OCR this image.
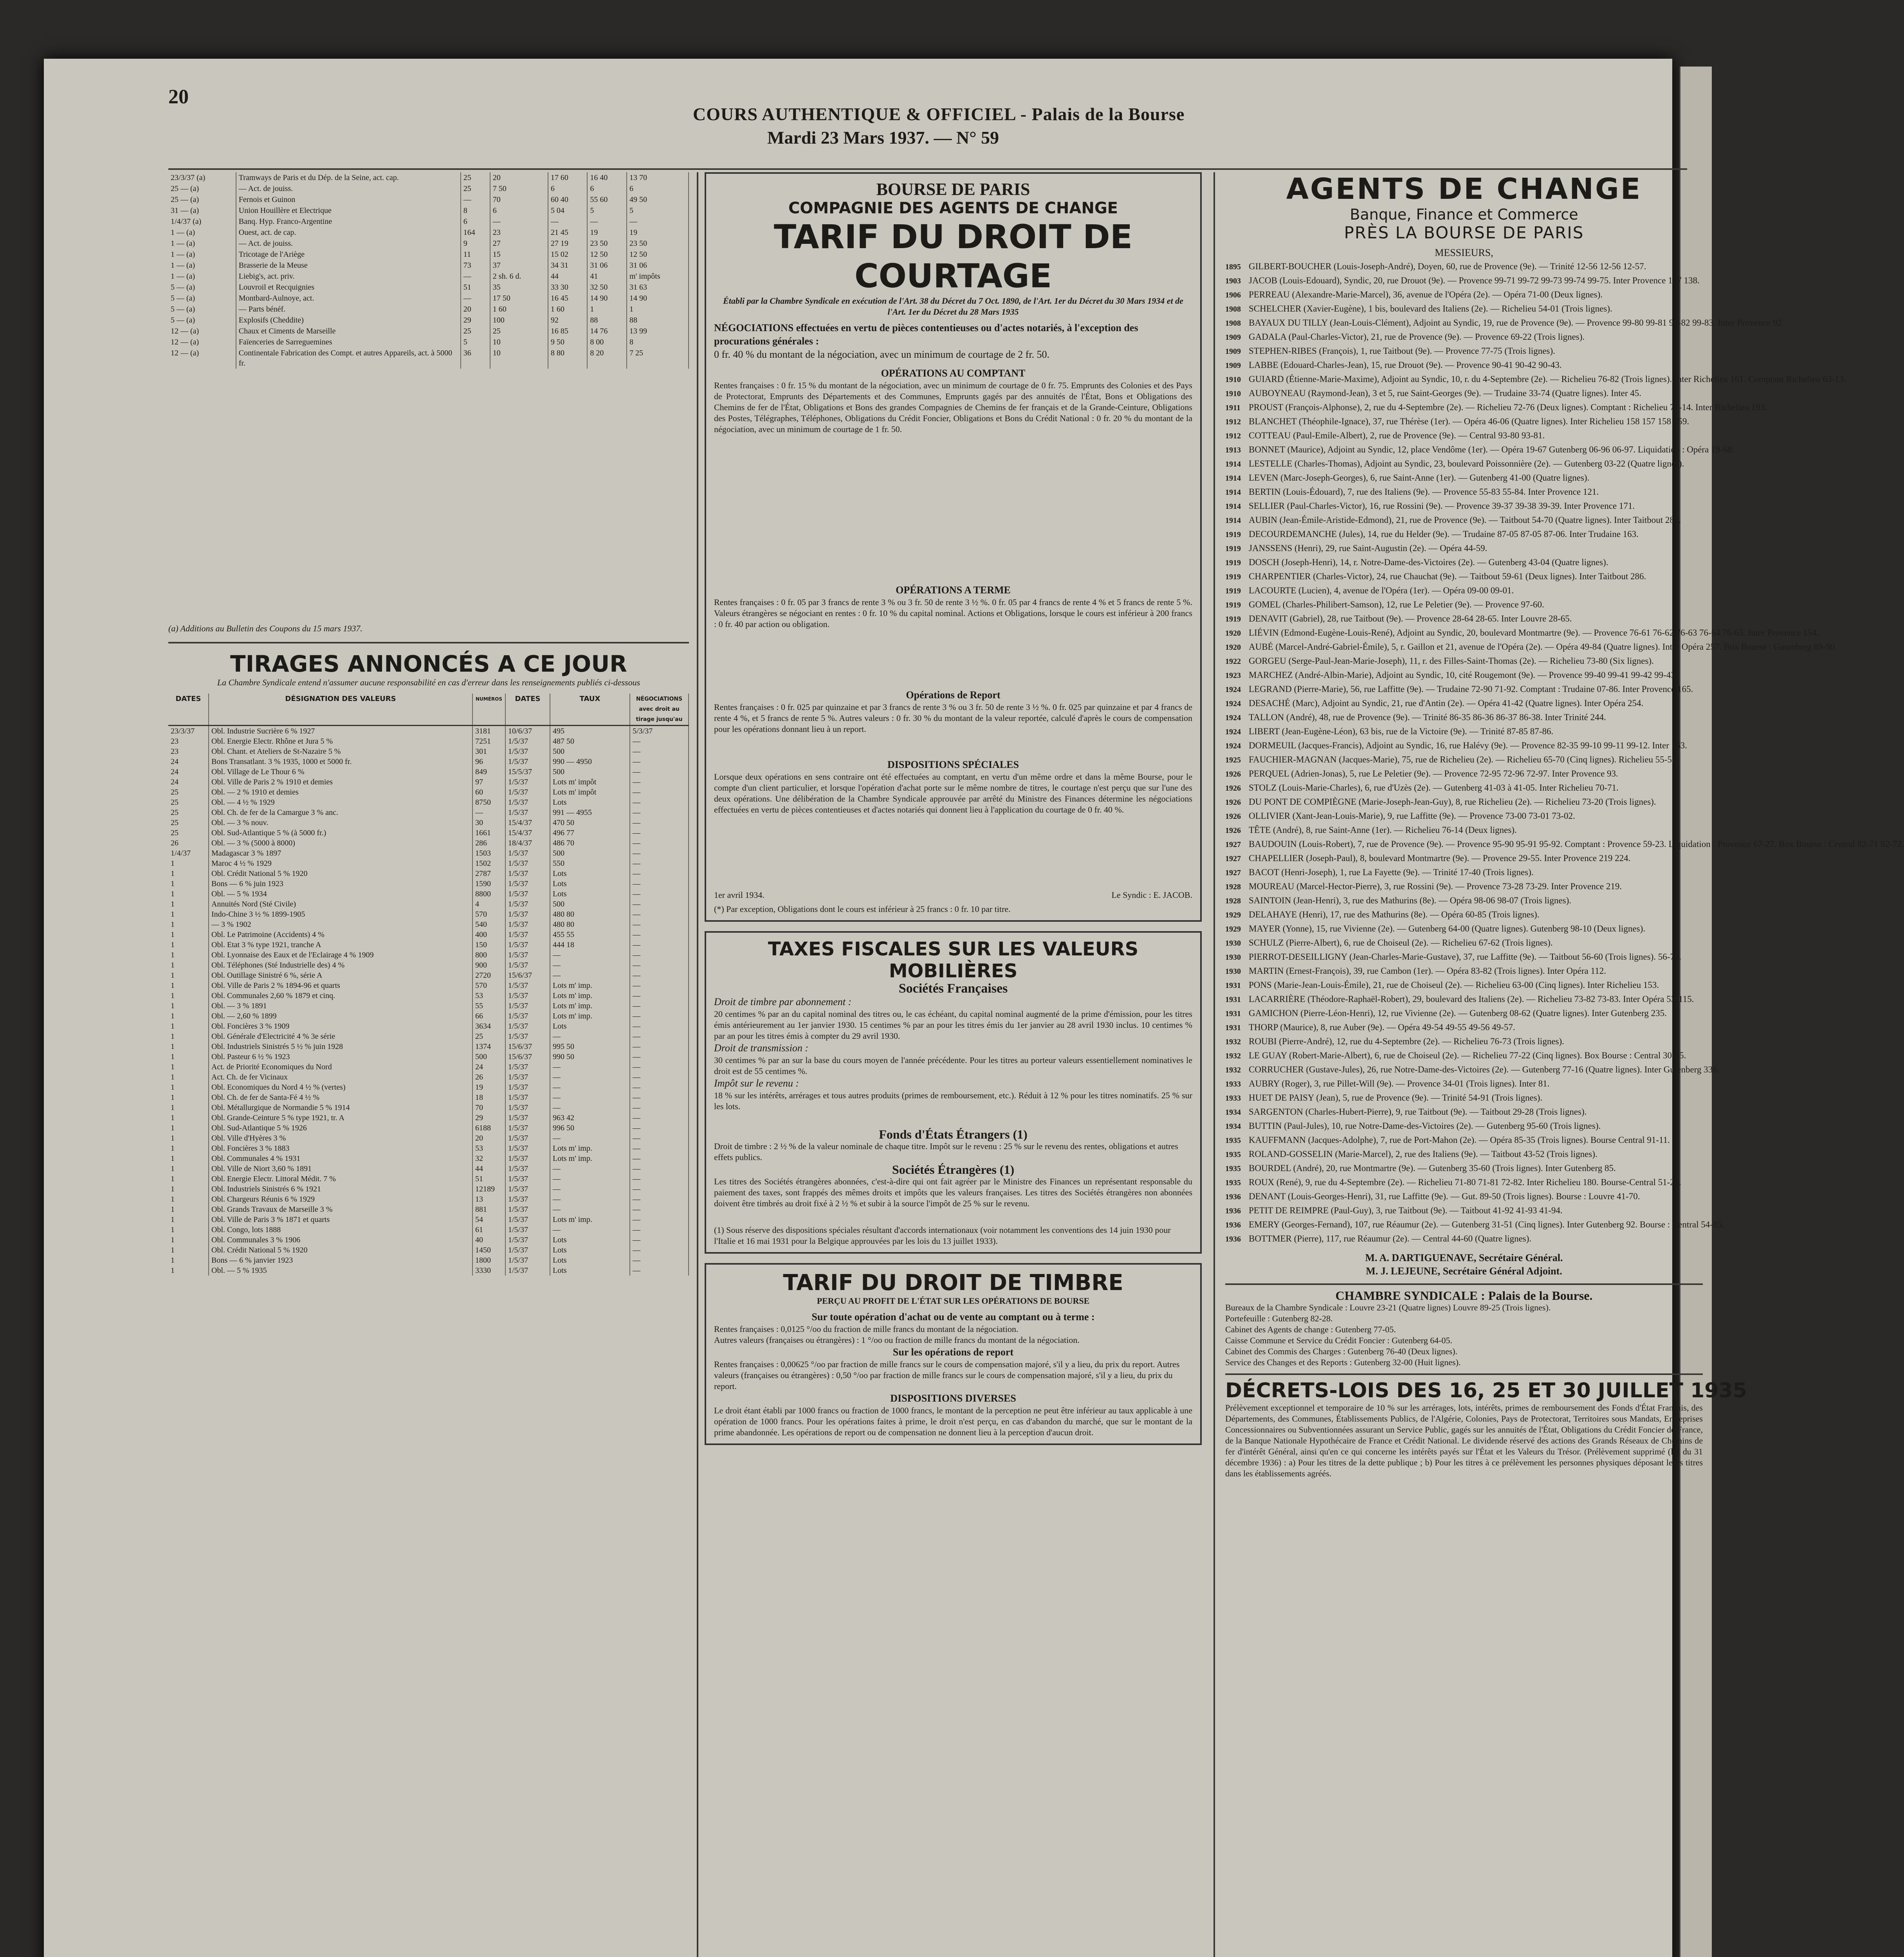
20
COURS AUTHENTIQUE & OFFICIEL - Palais de la Bourse
Mardi 23 Mars 1937. — N° 59
23/3/37 (a)	Tramways de Paris et du Dép. de la Seine, act. cap.	25	20	17 60	16 40	13 70
25 — (a)	— Act. de jouiss.	25	7 50	6	6	6
25 — (a)	Fernois et Guinon	—	70	60 40	55 60	49 50
31 — (a)	Union Houillère et Electrique	8	6	5 04	5	5
1/4/37 (a)	Banq. Hyp. Franco-Argentine	6	—	—	—	—
1 — (a)	Ouest, act. de cap.	164	23	21 45	19	19
1 — (a)	— Act. de jouiss.	9	27	27 19	23 50	23 50
1 — (a)	Tricotage de l'Ariège	11	15	15 02	12 50	12 50
1 — (a)	Brasserie de la Meuse	73	37	34 31	31 06	31 06
1 — (a)	Liebig's, act. priv.	—	2 sh. 6 d.	44	41	m' impôts
5 — (a)	Louvroil et Recquignies	51	35	33 30	32 50	31 63
5 — (a)	Montbard-Aulnoye, act.	—	17 50	16 45	14 90	14 90
5 — (a)	— Parts bénéf.	20	1 60	1 60	1	1
5 — (a)	Explosifs (Cheddite)	29	100	92	88	88
12 — (a)	Chaux et Ciments de Marseille	25	25	16 85	14 76	13 99
12 — (a)	Faïenceries de Sarreguemines	5	10	9 50	8 00	8
12 — (a)	Continentale Fabrication des Compt. et autres Appareils, act. à 5000 fr.	36	10	8 80	8 20	7 25
(a) Additions au Bulletin des Coupons du 15 mars 1937.
TIRAGES ANNONCÉS A CE JOUR
La Chambre Syndicale entend n'assumer aucune responsabilité en cas d'erreur dans les renseignements publiés ci-dessous
DATES	DÉSIGNATION DES VALEURS	NUMÉROS	DATES	TAUX	NÉGOCIATIONS avec droit au tirage jusqu'au
23/3/37	Obl. Industrie Sucrière 6 % 1927	3181	10/6/37	495	5/3/37
23	Obl. Energie Electr. Rhône et Jura 5 %	7251	1/5/37	487 50	—
23	Obl. Chant. et Ateliers de St-Nazaire 5 %	301	1/5/37	500	—
24	Bons Transatlant. 3 % 1935, 1000 et 5000 fr.	96	1/5/37	990 — 4950	—
24	Obl. Village de Le Thour 6 %	849	15/5/37	500	—
24	Obl. Ville de Paris 2 % 1910 et demies	97	1/5/37	Lots m' impôt	—
25	Obl. — 2 % 1910 et demies	60	1/5/37	Lots m' impôt	—
25	Obl. — 4 ½ % 1929	8750	1/5/37	Lots	—
25	Obl. Ch. de fer de la Camargue 3 % anc.	—	1/5/37	991 — 4955	—
25	Obl. — 3 % nouv.	30	15/4/37	470 50	—
25	Obl. Sud-Atlantique 5 % (à 5000 fr.)	1661	15/4/37	496 77	—
26	Obl. — 3 % (5000 à 8000)	286	18/4/37	486 70	—
1/4/37	Madagascar 3 % 1897	1503	1/5/37	500	—
1	Maroc 4 ½ % 1929	1502	1/5/37	550	—
1	Obl. Crédit National 5 % 1920	2787	1/5/37	Lots	—
1	Bons — 6 % juin 1923	1590	1/5/37	Lots	—
1	Obl. — 5 % 1934	8800	1/5/37	Lots	—
1	Annuités Nord (Sté Civile)	4	1/5/37	500	—
1	Indo-Chine 3 ½ % 1899-1905	570	1/5/37	480 80	—
1	— 3 % 1902	540	1/5/37	480 80	—
1	Obl. Le Patrimoine (Accidents) 4 %	400	1/5/37	455 55	—
1	Obl. Etat 3 % type 1921, tranche A	150	1/5/37	444 18	—
1	Obl. Lyonnaise des Eaux et de l'Eclairage 4 % 1909	800	1/5/37	—	—
1	Obl. Téléphones (Sté Industrielle des) 4 %	900	1/5/37	—	—
1	Obl. Outillage Sinistré 6 %, série A	2720	15/6/37	—	—
1	Obl. Ville de Paris 2 % 1894-96 et quarts	570	1/5/37	Lots m' imp.	—
1	Obl. Communales 2,60 % 1879 et cinq.	53	1/5/37	Lots m' imp.	—
1	Obl. — 3 % 1891	55	1/5/37	Lots m' imp.	—
1	Obl. — 2,60 % 1899	66	1/5/37	Lots m' imp.	—
1	Obl. Foncières 3 % 1909	3634	1/5/37	Lots	—
1	Obl. Générale d'Electricité 4 % 3e série	25	1/5/37	—	—
1	Obl. Industriels Sinistrés 5 ½ % juin 1928	1374	15/6/37	995 50	—
1	Obl. Pasteur 6 ½ % 1923	500	15/6/37	990 50	—
1	Act. de Priorité Economiques du Nord	24	1/5/37	—	—
1	Act. Ch. de fer Vicinaux	26	1/5/37	—	—
1	Obl. Economiques du Nord 4 ½ % (vertes)	19	1/5/37	—	—
1	Obl. Ch. de fer de Santa-Fé 4 ½ %	18	1/5/37	—	—
1	Obl. Métallurgique de Normandie 5 % 1914	70	1/5/37	—	—
1	Obl. Grande-Ceinture 5 % type 1921, tr. A	29	1/5/37	963 42	—
1	Obl. Sud-Atlantique 5 % 1926	6188	1/5/37	996 50	—
1	Obl. Ville d'Hyères 3 %	20	1/5/37	—	—
1	Obl. Foncières 3 % 1883	53	1/5/37	Lots m' imp.	—
1	Obl. Communales 4 % 1931	32	1/5/37	Lots m' imp.	—
1	Obl. Ville de Niort 3,60 % 1891	44	1/5/37	—	—
1	Obl. Energie Electr. Littoral Médit. 7 %	51	1/5/37	—	—
1	Obl. Industriels Sinistrés 6 % 1921	12189	1/5/37	—	—
1	Obl. Chargeurs Réunis 6 % 1929	13	1/5/37	—	—
1	Obl. Grands Travaux de Marseille 3 %	881	1/5/37	—	—
1	Obl. Ville de Paris 3 % 1871 et quarts	54	1/5/37	Lots m' imp.	—
1	Obl. Congo, lots 1888	61	1/5/37	—	—
1	Obl. Communales 3 % 1906	40	1/5/37	Lots	—
1	Obl. Crédit National 5 % 1920	1450	1/5/37	Lots	—
1	Bons — 6 % janvier 1923	1800	1/5/37	Lots	—
1	Obl. — 5 % 1935	3330	1/5/37	Lots	—
BOURSE DE PARIS
COMPAGNIE DES AGENTS DE CHANGE
TARIF DU DROIT DE COURTAGE
Établi par la Chambre Syndicale en exécution de l'Art. 38 du Décret du 7 Oct. 1890, de l'Art. 1er du Décret du 30 Mars 1934 et de l'Art. 1er du Décret du 28 Mars 1935
NÉGOCIATIONS effectuées en vertu de pièces contentieuses ou d'actes notariés, à l'exception des procurations générales :
0 fr. 40 % du montant de la négociation, avec un minimum de courtage de 2 fr. 50.
OPÉRATIONS AU COMPTANT
Rentes françaises : 0 fr. 15 % du montant de la négociation, avec un minimum de courtage de 0 fr. 75. Emprunts des Colonies et des Pays de Protectorat, Emprunts des Départements et des Communes, Emprunts gagés par des annuités de l'État, Bons et Obligations des Chemins de fer de l'État, Obligations et Bons des grandes Compagnies de Chemins de fer français et de la Grande-Ceinture, Obligations des Postes, Télégraphes, Téléphones, Obligations du Crédit Foncier, Obligations et Bons du Crédit National : 0 fr. 20 % du montant de la négociation, avec un minimum de courtage de 1 fr. 50.
OPÉRATIONS A TERME
Rentes françaises : 0 fr. 05 par 3 francs de rente 3 % ou 3 fr. 50 de rente 3 ½ %. 0 fr. 05 par 4 francs de rente 4 % et 5 francs de rente 5 %. Valeurs étrangères se négociant en rentes : 0 fr. 10 % du capital nominal. Actions et Obligations, lorsque le cours est inférieur à 200 francs : 0 fr. 40 par action ou obligation.
Opérations de Report
Rentes françaises : 0 fr. 025 par quinzaine et par 3 francs de rente 3 % ou 3 fr. 50 de rente 3 ½ %. 0 fr. 025 par quinzaine et par 4 francs de rente 4 %, et 5 francs de rente 5 %. Autres valeurs : 0 fr. 30 % du montant de la valeur reportée, calculé d'après le cours de compensation pour les opérations donnant lieu à un report.
DISPOSITIONS SPÉCIALES
Lorsque deux opérations en sens contraire ont été effectuées au comptant, en vertu d'un même ordre et dans la même Bourse, pour le compte d'un client particulier, et lorsque l'opération d'achat porte sur le même nombre de titres, le courtage n'est perçu que sur l'une des deux opérations. Une délibération de la Chambre Syndicale approuvée par arrêté du Ministre des Finances détermine les négociations effectuées en vertu de pièces contentieuses et d'actes notariés qui donnent lieu à l'application du courtage de 0 fr. 40 %.
1er avril 1934.	Le Syndic : E. JACOB.
(*) Par exception, Obligations dont le cours est inférieur à 25 francs : 0 fr. 10 par titre.
TAXES FISCALES SUR LES VALEURS MOBILIÈRES
Sociétés Françaises
Droit de timbre par abonnement :
20 centimes % par an du capital nominal des titres ou, le cas échéant, du capital nominal augmenté de la prime d'émission, pour les titres émis antérieurement au 1er janvier 1930. 15 centimes % par an pour les titres émis du 1er janvier au 28 avril 1930 inclus. 10 centimes % par an pour les titres émis à compter du 29 avril 1930.
Droit de transmission :
30 centimes % par an sur la base du cours moyen de l'année précédente. Pour les titres au porteur valeurs essentiellement nominatives le droit est de 55 centimes %.
Impôt sur le revenu :
18 % sur les intérêts, arrérages et tous autres produits (primes de remboursement, etc.). Réduit à 12 % pour les titres nominatifs. 25 % sur les lots.
Fonds d'États Étrangers (1)
Droit de timbre : 2 ½ % de la valeur nominale de chaque titre. Impôt sur le revenu : 25 % sur le revenu des rentes, obligations et autres effets publics.
Sociétés Étrangères (1)
Les titres des Sociétés étrangères abonnées, c'est-à-dire qui ont fait agréer par le Ministre des Finances un représentant responsable du paiement des taxes, sont frappés des mêmes droits et impôts que les valeurs françaises. Les titres des Sociétés étrangères non abonnées doivent être timbrés au droit fixé à 2 ½ % et subir à la source l'impôt de 25 % sur le revenu.
(1) Sous réserve des dispositions spéciales résultant d'accords internationaux (voir notamment les conventions des 14 juin 1930 pour l'Italie et 16 mai 1931 pour la Belgique approuvées par les lois du 13 juillet 1933).
TARIF DU DROIT DE TIMBRE
PERÇU AU PROFIT DE L'ÉTAT SUR LES OPÉRATIONS DE BOURSE
Sur toute opération d'achat ou de vente au comptant ou à terme :
Rentes françaises : 0,0125 °/oo du fraction de mille francs du montant de la négociation.
Autres valeurs (françaises ou étrangères) : 1 °/oo ou fraction de mille francs du montant de la négociation.
Sur les opérations de report
Rentes françaises : 0,00625 °/oo par fraction de mille francs sur le cours de compensation majoré, s'il y a lieu, du prix du report. Autres valeurs (françaises ou étrangères) : 0,50 °/oo par fraction de mille francs sur le cours de compensation majoré, s'il y a lieu, du prix du report.
DISPOSITIONS DIVERSES
Le droit étant établi par 1000 francs ou fraction de 1000 francs, le montant de la perception ne peut être inférieur au taux applicable à une opération de 1000 francs. Pour les opérations faites à prime, le droit n'est perçu, en cas d'abandon du marché, que sur le montant de la prime abandonnée. Les opérations de report ou de compensation ne donnent lieu à la perception d'aucun droit.
AGENTS DE CHANGE
Banque, Finance et Commerce
PRÈS LA BOURSE DE PARIS
MESSIEURS,
1895 GILBERT-BOUCHER (Louis-Joseph-André), Doyen, 60, rue de Provence (9e). — Trinité 12-56 12-56 12-57.
1903 JACOB (Louis-Edouard), Syndic, 20, rue Drouot (9e). — Provence 99-71 99-72 99-73 99-74 99-75. Inter Provence 137 138.
1906 PERREAU (Alexandre-Marie-Marcel), 36, avenue de l'Opéra (2e). — Opéra 71-00 (Deux lignes).
1908 SCHELCHER (Xavier-Eugène), 1 bis, boulevard des Italiens (2e). — Richelieu 54-01 (Trois lignes).
1908 BAYAUX DU TILLY (Jean-Louis-Clément), Adjoint au Syndic, 19, rue de Provence (9e). — Provence 99-80 99-81 99-82 99-83. Inter Provence 92.
1909 GADALA (Paul-Charles-Victor), 21, rue de Provence (9e). — Provence 69-22 (Trois lignes).
1909 STEPHEN-RIBES (François), 1, rue Taitbout (9e). — Provence 77-75 (Trois lignes).
1909 LABBE (Edouard-Charles-Jean), 15, rue Drouot (9e). — Provence 90-41 90-42 90-43.
1910 GUIARD (Étienne-Marie-Maxime), Adjoint au Syndic, 10, r. du 4-Septembre (2e). — Richelieu 76-82 (Trois lignes). Inter Richelieu 161. Comptant Richelieu 63-13.
1910 AUBOYNEAU (Raymond-Jean), 3 et 5, rue Saint-Georges (9e). — Trudaine 33-74 (Quatre lignes). Inter 45.
1911 PROUST (François-Alphonse), 2, rue du 4-Septembre (2e). — Richelieu 72-76 (Deux lignes). Comptant : Richelieu 71-14. Inter Richelieu 193.
1912 BLANCHET (Théophile-Ignace), 37, rue Thérèse (1er). — Opéra 46-06 (Quatre lignes). Inter Richelieu 158 157 158 159.
1912 COTTEAU (Paul-Emile-Albert), 2, rue de Provence (9e). — Central 93-80 93-81.
1913 BONNET (Maurice), Adjoint au Syndic, 12, place Vendôme (1er). — Opéra 19-67 Gutenberg 06-96 06-97. Liquidation : Opéra 19-68.
1914 LESTELLE (Charles-Thomas), Adjoint au Syndic, 23, boulevard Poissonnière (2e). — Gutenberg 03-22 (Quatre lignes).
1914 LEVEN (Marc-Joseph-Georges), 6, rue Saint-Anne (1er). — Gutenberg 41-00 (Quatre lignes).
1914 BERTIN (Louis-Édouard), 7, rue des Italiens (9e). — Provence 55-83 55-84. Inter Provence 121.
1914 SELLIER (Paul-Charles-Victor), 16, rue Rossini (9e). — Provence 39-37 39-38 39-39. Inter Provence 171.
1914 AUBIN (Jean-Émile-Aristide-Edmond), 21, rue de Provence (9e). — Taitbout 54-70 (Quatre lignes). Inter Taitbout 289.
1919 DECOURDEMANCHE (Jules), 14, rue du Helder (9e). — Trudaine 87-05 87-05 87-06. Inter Trudaine 163.
1919 JANSSENS (Henri), 29, rue Saint-Augustin (2e). — Opéra 44-59.
1919 DOSCH (Joseph-Henri), 14, r. Notre-Dame-des-Victoires (2e). — Gutenberg 43-04 (Quatre lignes).
1919 CHARPENTIER (Charles-Victor), 24, rue Chauchat (9e). — Taitbout 59-61 (Deux lignes). Inter Taitbout 286.
1919 LACOURTE (Lucien), 4, avenue de l'Opéra (1er). — Opéra 09-00 09-01.
1919 GOMEL (Charles-Philibert-Samson), 12, rue Le Peletier (9e). — Provence 97-60.
1919 DENAVIT (Gabriel), 28, rue Taitbout (9e). — Provence 28-64 28-65. Inter Louvre 28-65.
1920 LIÉVIN (Edmond-Eugène-Louis-René), Adjoint au Syndic, 20, boulevard Montmartre (9e). — Provence 76-61 76-62 76-63 76-64 76-65. Inter Provence 154.
1920 AUBÉ (Marcel-André-Gabriel-Émile), 5, r. Gaillon et 21, avenue de l'Opéra (2e). — Opéra 49-84 (Quatre lignes). Inter Opéra 257. Box Bourse : Gutenberg 89-90.
1922 GORGEU (Serge-Paul-Jean-Marie-Joseph), 11, r. des Filles-Saint-Thomas (2e). — Richelieu 73-80 (Six lignes).
1923 MARCHEZ (André-Albin-Marie), Adjoint au Syndic, 10, cité Rougemont (9e). — Provence 99-40 99-41 99-42 99-43.
1924 LEGRAND (Pierre-Marie), 56, rue Laffitte (9e). — Trudaine 72-90 71-92. Comptant : Trudaine 07-86. Inter Provence 165.
1924 DESACHÉ (Marc), Adjoint au Syndic, 21, rue d'Antin (2e). — Opéra 41-42 (Quatre lignes). Inter Opéra 254.
1924 TALLON (André), 48, rue de Provence (9e). — Trinité 86-35 86-36 86-37 86-38. Inter Trinité 244.
1924 LIBERT (Jean-Eugène-Léon), 63 bis, rue de la Victoire (9e). — Trinité 87-85 87-86.
1924 DORMEUIL (Jacques-Francis), Adjoint au Syndic, 16, rue Halévy (9e). — Provence 82-35 99-10 99-11 99-12. Inter 163.
1925 FAUCHIER-MAGNAN (Jacques-Marie), 75, rue de Richelieu (2e). — Richelieu 65-70 (Cinq lignes). Richelieu 55-59.
1926 PERQUEL (Adrien-Jonas), 5, rue Le Peletier (9e). — Provence 72-95 72-96 72-97. Inter Provence 93.
1926 STOLZ (Louis-Marie-Charles), 6, rue d'Uzès (2e). — Gutenberg 41-03 à 41-05. Inter Richelieu 70-71.
1926 DU PONT DE COMPIÈGNE (Marie-Joseph-Jean-Guy), 8, rue Richelieu (2e). — Richelieu 73-20 (Trois lignes).
1926 OLLIVIER (Xant-Jean-Louis-Marie), 9, rue Laffitte (9e). — Provence 73-00 73-01 73-02.
1926 TÊTE (André), 8, rue Saint-Anne (1er). — Richelieu 76-14 (Deux lignes).
1927 BAUDOUIN (Louis-Robert), 7, rue de Provence (9e). — Provence 95-90 95-91 95-92. Comptant : Provence 59-23. Liquidation : Provence 67-27. Box Bourse : Central 82-71 82-72.
1927 CHAPELLIER (Joseph-Paul), 8, boulevard Montmartre (9e). — Provence 29-55. Inter Provence 219 224.
1927 BACOT (Henri-Joseph), 1, rue La Fayette (9e). — Trinité 17-40 (Trois lignes).
1928 MOUREAU (Marcel-Hector-Pierre), 3, rue Rossini (9e). — Provence 73-28 73-29. Inter Provence 219.
1928 SAINTOIN (Jean-Henri), 3, rue des Mathurins (8e). — Opéra 98-06 98-07 (Trois lignes).
1929 DELAHAYE (Henri), 17, rue des Mathurins (8e). — Opéra 60-85 (Trois lignes).
1929 MAYER (Yonne), 15, rue Vivienne (2e). — Gutenberg 64-00 (Quatre lignes). Gutenberg 98-10 (Deux lignes).
1930 SCHULZ (Pierre-Albert), 6, rue de Choiseul (2e). — Richelieu 67-62 (Trois lignes).
1930 PIERROT-DESEILLIGNY (Jean-Charles-Marie-Gustave), 37, rue Laffitte (9e). — Taitbout 56-60 (Trois lignes). 56-70.
1930 MARTIN (Ernest-François), 39, rue Cambon (1er). — Opéra 83-82 (Trois lignes). Inter Opéra 112.
1931 PONS (Marie-Jean-Louis-Émile), 21, rue de Choiseul (2e). — Richelieu 63-00 (Cinq lignes). Inter Richelieu 153.
1931 LACARRIÈRE (Théodore-Raphaël-Robert), 29, boulevard des Italiens (2e). — Richelieu 73-82 73-83. Inter Opéra 53-115.
1931 GAMICHON (Pierre-Léon-Henri), 12, rue Vivienne (2e). — Gutenberg 08-62 (Quatre lignes). Inter Gutenberg 235.
1931 THORP (Maurice), 8, rue Auber (9e). — Opéra 49-54 49-55 49-56 49-57.
1932 ROUBI (Pierre-André), 12, rue du 4-Septembre (2e). — Richelieu 76-73 (Trois lignes).
1932 LE GUAY (Robert-Marie-Albert), 6, rue de Choiseul (2e). — Richelieu 77-22 (Cinq lignes). Box Bourse : Central 30-65.
1932 CORRUCHER (Gustave-Jules), 26, rue Notre-Dame-des-Victoires (2e). — Gutenberg 77-16 (Quatre lignes). Inter Gutenberg 336.
1933 AUBRY (Roger), 3, rue Pillet-Will (9e). — Provence 34-01 (Trois lignes). Inter 81.
1933 HUET DE PAISY (Jean), 5, rue de Provence (9e). — Trinité 54-91 (Trois lignes).
1934 SARGENTON (Charles-Hubert-Pierre), 9, rue Taitbout (9e). — Taitbout 29-28 (Trois lignes).
1934 BUTTIN (Paul-Jules), 10, rue Notre-Dame-des-Victoires (2e). — Gutenberg 95-60 (Trois lignes).
1935 KAUFFMANN (Jacques-Adolphe), 7, rue de Port-Mahon (2e). — Opéra 85-35 (Trois lignes). Bourse Central 91-11.
1935 ROLAND-GOSSELIN (Marie-Marcel), 2, rue des Italiens (9e). — Taitbout 43-52 (Trois lignes).
1935 BOURDEL (André), 20, rue Montmartre (9e). — Gutenberg 35-60 (Trois lignes). Inter Gutenberg 85.
1935 ROUX (René), 9, rue du 4-Septembre (2e). — Richelieu 71-80 71-81 72-82. Inter Richelieu 180. Bourse-Central 51-25.
1936 DENANT (Louis-Georges-Henri), 31, rue Laffitte (9e). — Gut. 89-50 (Trois lignes). Bourse : Louvre 41-70.
1936 PETIT DE REIMPRE (Paul-Guy), 3, rue Taitbout (9e). — Taitbout 41-92 41-93 41-94.
1936 EMERY (Georges-Fernand), 107, rue Réaumur (2e). — Gutenberg 31-51 (Cinq lignes). Inter Gutenberg 92. Bourse : Central 54-85.
1936 BOTTMER (Pierre), 117, rue Réaumur (2e). — Central 44-60 (Quatre lignes).
M. A. DARTIGUENAVE, Secrétaire Général.
M. J. LEJEUNE, Secrétaire Général Adjoint.
CHAMBRE SYNDICALE : Palais de la Bourse.
Bureaux de la Chambre Syndicale : Louvre 23-21 (Quatre lignes) Louvre 89-25 (Trois lignes).
Portefeuille : Gutenberg 82-28.
Cabinet des Agents de change : Gutenberg 77-05.
Caisse Commune et Service du Crédit Foncier : Gutenberg 64-05.
Cabinet des Commis des Charges : Gutenberg 76-40 (Deux lignes).
Service des Changes et des Reports : Gutenberg 32-00 (Huit lignes).
DÉCRETS-LOIS DES 16, 25 ET 30 JUILLET 1935
Prélèvement exceptionnel et temporaire de 10 % sur les arrérages, lots, intérêts, primes de remboursement des Fonds d'État Français, des Départements, des Communes, Établissements Publics, de l'Algérie, Colonies, Pays de Protectorat, Territoires sous Mandats, Entreprises Concessionnaires ou Subventionnées assurant un Service Public, gagés sur les annuités de l'État, Obligations du Crédit Foncier de France, de la Banque Nationale Hypothécaire de France et Crédit National. Le dividende réservé des actions des Grands Réseaux de Chemins de fer d'intérêt Général, ainsi qu'en ce qui concerne les intérêts payés sur l'État et les Valeurs du Trésor. (Prélèvement supprimé (loi du 31 décembre 1936) : a) Pour les titres de la dette publique ; b) Pour les titres à ce prélèvement les personnes physiques déposant leurs titres dans les établissements agréés.
